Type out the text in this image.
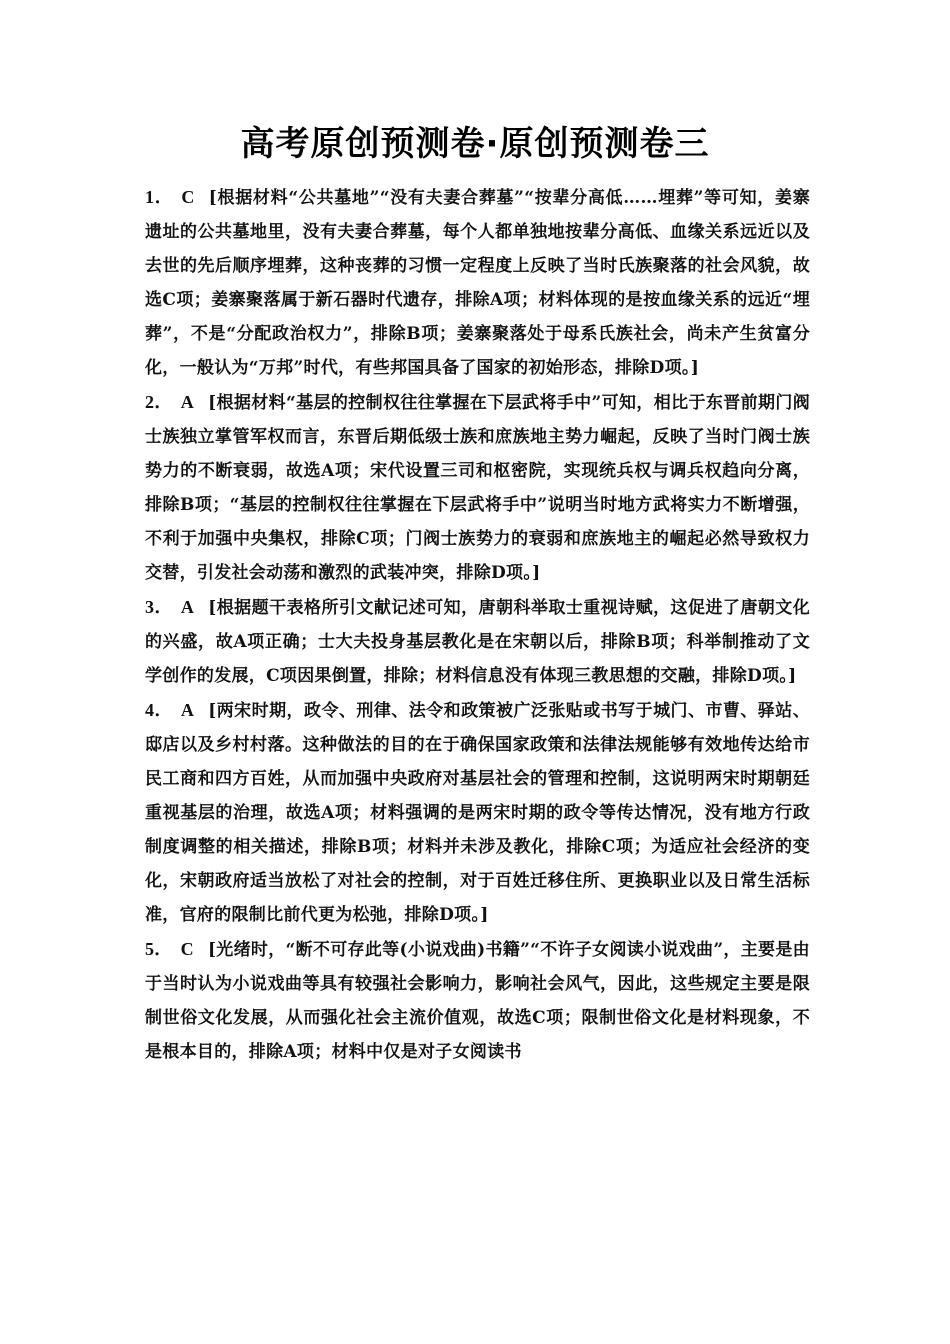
高考原创预测卷·原创预测卷三

1． C [根据材料“公共墓地”“没有夫妻合葬墓”“按辈分高低……埋葬”等可知，姜寨遗址的公共墓地里，没有夫妻合葬墓，每个人都单独地按辈分高低、血缘关系远近以及去世的先后顺序埋葬，这种丧葬的习惯一定程度上反映了当时氏族聚落的社会风貌，故选C项；姜寨聚落属于新石器时代遗存，排除A项；材料体现的是按血缘关系的远近“埋葬”，不是“分配政治权力”，排除B项；姜寨聚落处于母系氏族社会，尚未产生贫富分化，一般认为“万邦”时代，有些邦国具备了国家的初始形态，排除D项。]

2． A [根据材料“基层的控制权往往掌握在下层武将手中”可知，相比于东晋前期门阀士族独立掌管军权而言，东晋后期低级士族和庶族地主势力崛起，反映了当时门阀士族势力的不断衰弱，故选A项；宋代设置三司和枢密院，实现统兵权与调兵权趋向分离，排除B项；“基层的控制权往往掌握在下层武将手中”说明当时地方武将实力不断增强，不利于加强中央集权，排除C项；门阀士族势力的衰弱和庶族地主的崛起必然导致权力交替，引发社会动荡和激烈的武装冲突，排除D项。]

3． A [根据题干表格所引文献记述可知，唐朝科举取士重视诗赋，这促进了唐朝文化的兴盛，故A项正确；士大夫投身基层教化是在宋朝以后，排除B项；科举制推动了文学创作的发展，C项因果倒置，排除；材料信息没有体现三教思想的交融，排除D项。]

4． A [两宋时期，政令、刑律、法令和政策被广泛张贴或书写于城门、市曹、驿站、邸店以及乡村村落。这种做法的目的在于确保国家政策和法律法规能够有效地传达给市民工商和四方百姓，从而加强中央政府对基层社会的管理和控制，这说明两宋时期朝廷重视基层的治理，故选A项；材料强调的是两宋时期的政令等传达情况，没有地方行政制度调整的相关描述，排除B项；材料并未涉及教化，排除C项；为适应社会经济的变化，宋朝政府适当放松了对社会的控制，对于百姓迁移住所、更换职业以及日常生活标准，官府的限制比前代更为松弛，排除D项。]

5． C [光绪时，“断不可存此等(小说戏曲)书籍”“不许子女阅读小说戏曲”，主要是由于当时认为小说戏曲等具有较强社会影响力，影响社会风气，因此，这些规定主要是限制世俗文化发展，从而强化社会主流价值观，故选C项；限制世俗文化是材料现象，不是根本目的，排除A项；材料中仅是对子女阅读书
